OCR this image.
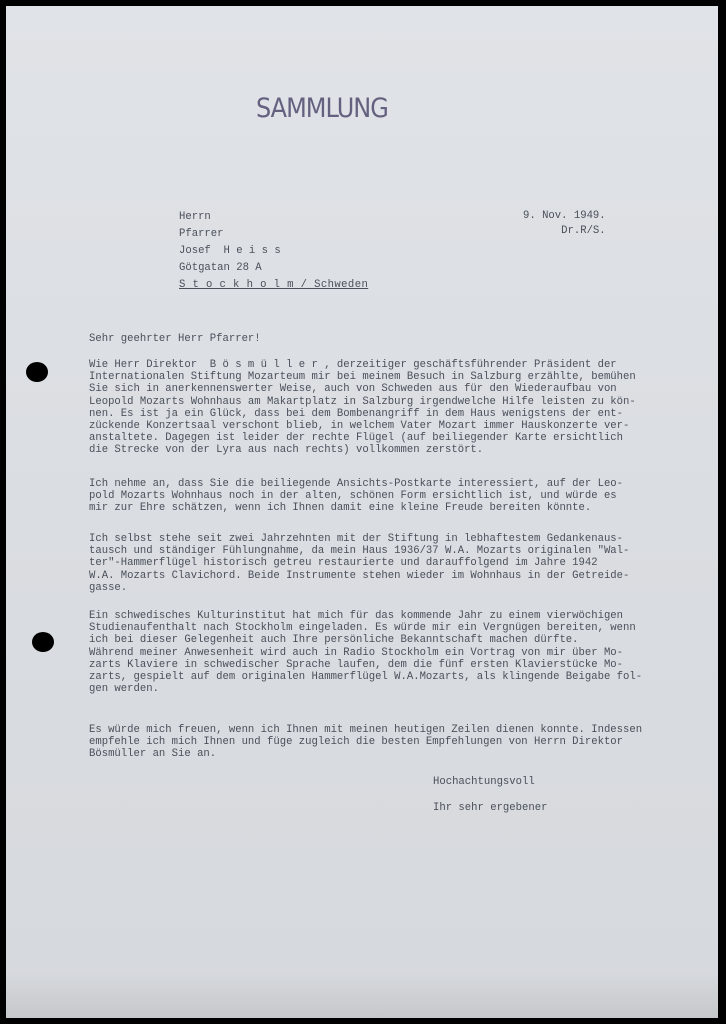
SAMMLUNG
Herrn
Pfarrer
Josef  H e i s s
Götgatan 28 A
S t o c k h o l m / Schweden
9. Nov. 1949.
Dr.R/S.
Sehr geehrter Herr Pfarrer!
Wie Herr Direktor  B ö s m ü l l e r , derzeitiger geschäftsführender Präsident der
Internationalen Stiftung Mozarteum mir bei meinem Besuch in Salzburg erzählte, bemühen
Sie sich in anerkennenswerter Weise, auch von Schweden aus für den Wiederaufbau von
Leopold Mozarts Wohnhaus am Makartplatz in Salzburg irgendwelche Hilfe leisten zu kön-
nen. Es ist ja ein Glück, dass bei dem Bombenangriff in dem Haus wenigstens der ent-
zückende Konzertsaal verschont blieb, in welchem Vater Mozart immer Hauskonzerte ver-
anstaltete. Dagegen ist leider der rechte Flügel (auf beiliegender Karte ersichtlich
die Strecke von der Lyra aus nach rechts) vollkommen zerstört.
Ich nehme an, dass Sie die beiliegende Ansichts-Postkarte interessiert, auf der Leo-
pold Mozarts Wohnhaus noch in der alten, schönen Form ersichtlich ist, und würde es
mir zur Ehre schätzen, wenn ich Ihnen damit eine kleine Freude bereiten könnte.
Ich selbst stehe seit zwei Jahrzehnten mit der Stiftung in lebhaftestem Gedankenaus-
tausch und ständiger Fühlungnahme, da mein Haus 1936/37 W.A. Mozarts originalen "Wal-
ter"-Hammerflügel historisch getreu restaurierte und darauffolgend im Jahre 1942
W.A. Mozarts Clavichord. Beide Instrumente stehen wieder im Wohnhaus in der Getreide-
gasse.
Ein schwedisches Kulturinstitut hat mich für das kommende Jahr zu einem vierwöchigen
Studienaufenthalt nach Stockholm eingeladen. Es würde mir ein Vergnügen bereiten, wenn
ich bei dieser Gelegenheit auch Ihre persönliche Bekanntschaft machen dürfte.
Während meiner Anwesenheit wird auch in Radio Stockholm ein Vortrag von mir über Mo-
zarts Klaviere in schwedischer Sprache laufen, dem die fünf ersten Klavierstücke Mo-
zarts, gespielt auf dem originalen Hammerflügel W.A.Mozarts, als klingende Beigabe fol-
gen werden.
Es würde mich freuen, wenn ich Ihnen mit meinen heutigen Zeilen dienen konnte. Indessen
empfehle ich mich Ihnen und füge zugleich die besten Empfehlungen von Herrn Direktor
Bösmüller an Sie an.
Hochachtungsvoll
Ihr sehr ergebener
